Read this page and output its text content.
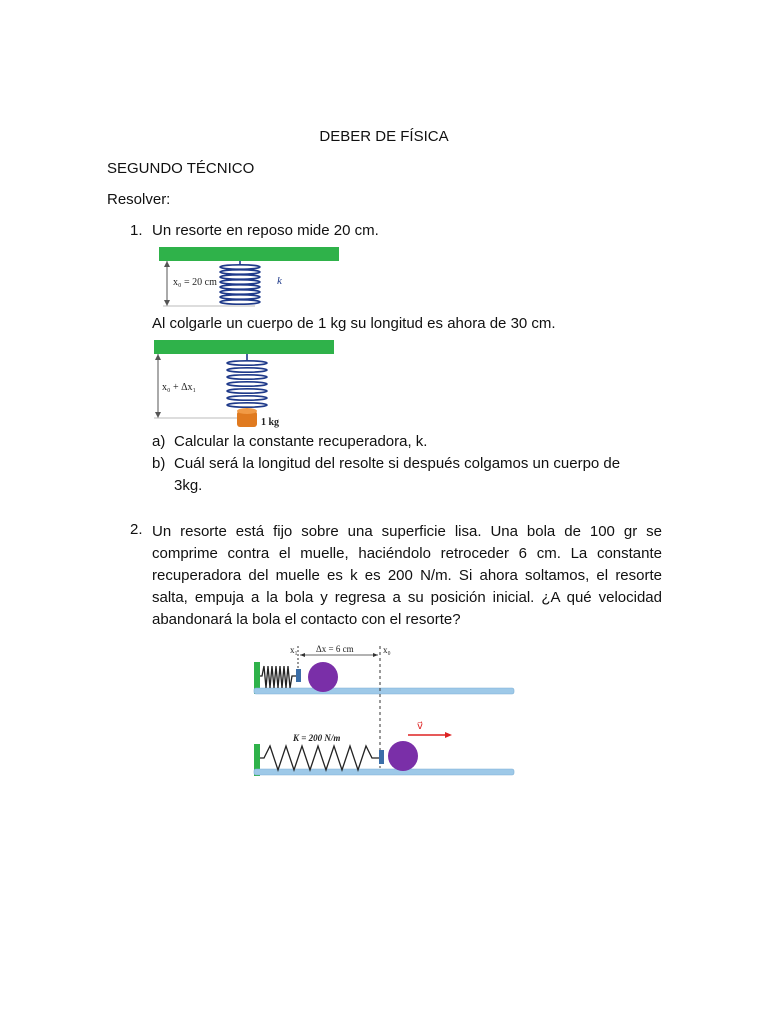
DEBER DE FÍSICA
SEGUNDO TÉCNICO
Resolver:
1. Un resorte en reposo mide 20 cm.
x₀ = 20 cm	k
Al colgarle un cuerpo de 1 kg su longitud es ahora de 30 cm.
x₀ + Δx₁
1 kg
a) Calcular la constante recuperadora, k.
b) Cuál será la longitud del resolte si después colgamos un cuerpo de
3kg.
2. Un resorte está fijo sobre una superficie lisa. Una bola de 100 gr se
comprime contra el muelle, haciéndolo retroceder 6 cm. La constante
recuperadora del muelle es k es 200 N/m. Si ahora soltamos, el resorte
salta, empuja a la bola y regresa a su posición inicial. ¿A qué velocidad
abandonará la bola el contacto con el resorte?
x₁ Δx = 6 cm	x₀
K = 200 N/m
v⃗
